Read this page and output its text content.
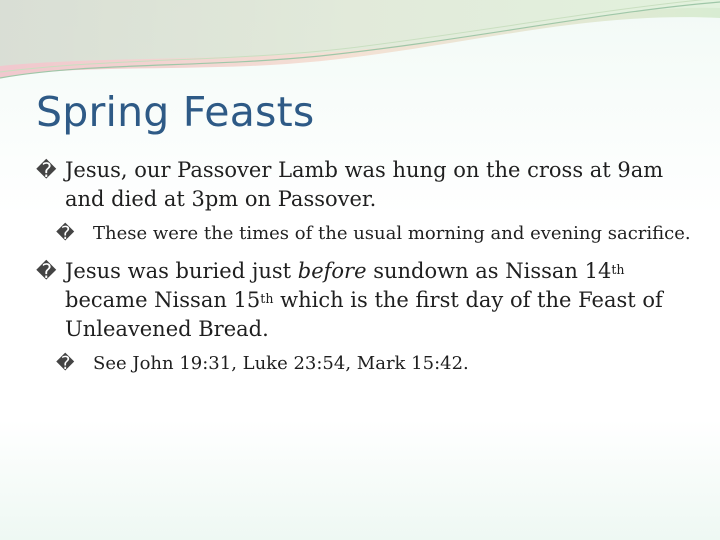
Spring Feasts

� Jesus, our Passover Lamb was hung on the cross at 9am and died at 3pm on Passover.

� These were the times of the usual morning and evening sacrifice.

� Jesus was buried just before sundown as Nissan 14th became Nissan 15th which is the first day of the Feast of Unleavened Bread.

� See John 19:31, Luke 23:54, Mark 15:42.
